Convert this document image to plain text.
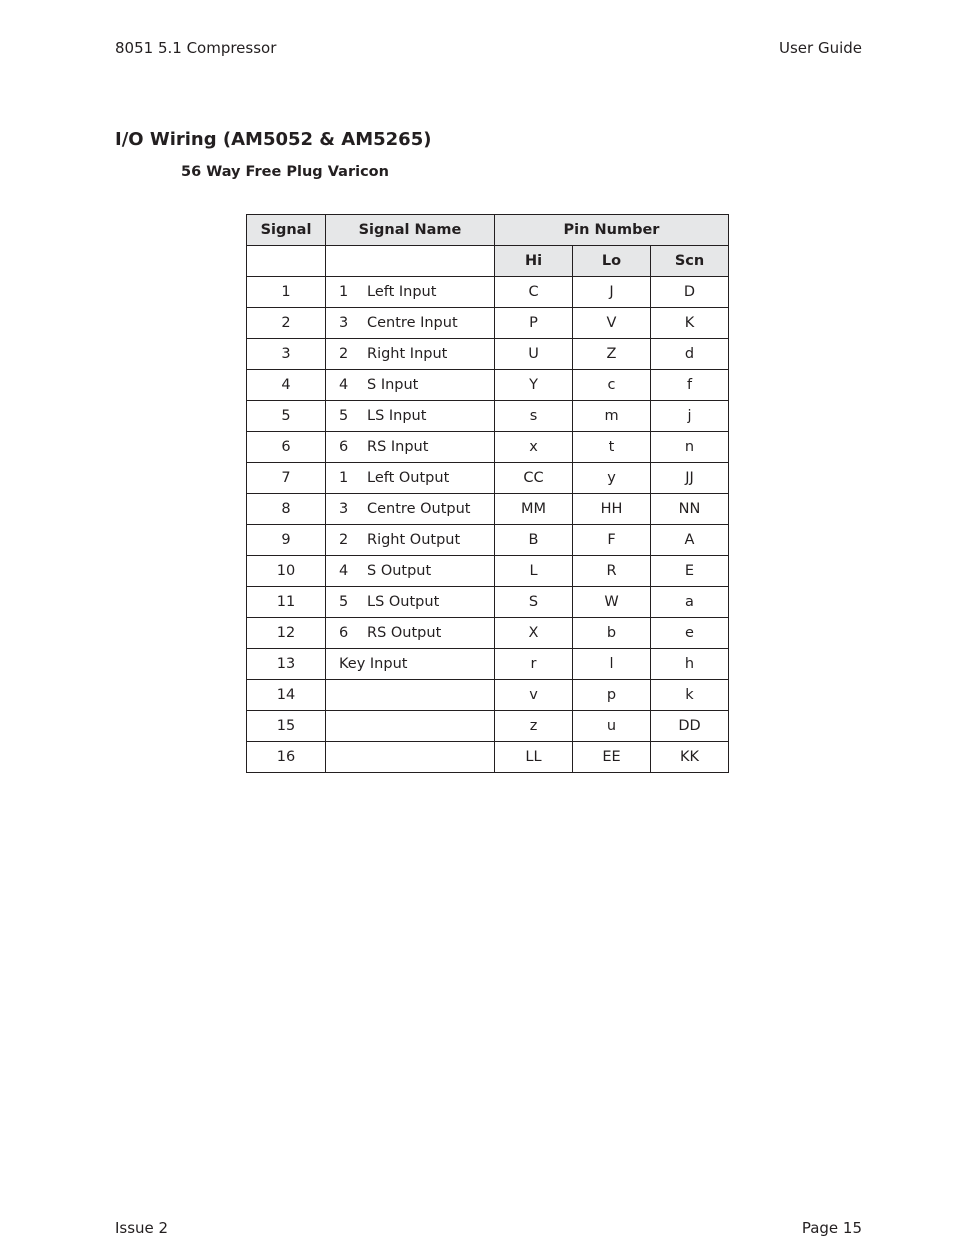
8051 5.1 Compressor	User Guide
I/O Wiring (AM5052 & AM5265)
56 Way Free Plug Varicon
Signal	Signal Name	Pin Number		
		Hi	Lo	Scn
1	1 Left Input	C	J	D
2	3 Centre Input	P	V	K
3	2 Right Input	U	Z	d
4	4 S Input	Y	c	f
5	5 LS Input	s	m	j
6	6 RS Input	x	t	n
7	1 Left Output	CC	y	JJ
8	3 Centre Output	MM	HH	NN
9	2 Right Output	B	F	A
10	4 S Output	L	R	E
11	5 LS Output	S	W	a
12	6 RS Output	X	b	e
13	Key Input	r	l	h
14		v	p	k
15		z	u	DD
16		LL	EE	KK
Issue 2	Page 15
